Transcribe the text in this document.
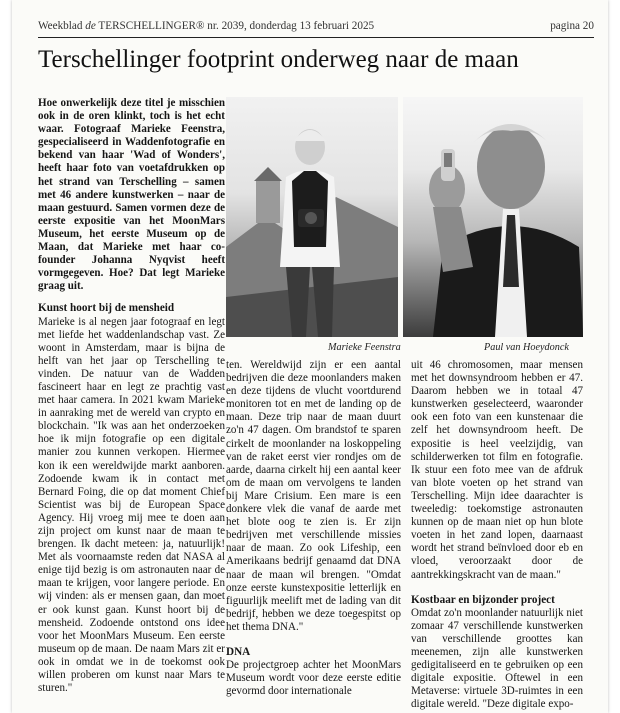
Weekblad de TERSCHELLINGER® nr. 2039, donderdag 13 februari 2025	pagina 20
Terschellinger footprint onderweg naar de maan

Hoe onwerkelijk deze titel je misschien ook in de oren klinkt, toch is het echt waar. Fotograaf Marieke Feenstra, gespecialiseerd in Waddenfotografie en bekend van haar 'Wad of Wonders', heeft haar foto van voetafdrukken op het strand van Terschelling – samen met 46 andere kunstwerken – naar de maan gestuurd. Samen vormen deze de eerste expositie van het MoonMars Museum, het eerste Museum op de Maan, dat Marieke met haar co-founder Johanna Nyqvist heeft vormgegeven. Hoe? Dat legt Marieke graag uit.

Kunst hoort bij de mensheid

Marieke is al negen jaar fotograaf en legt met liefde het waddenlandschap vast. Ze woont in Amsterdam, maar is bijna de helft van het jaar op Terschelling te vinden. De natuur van de Wadden fascineert haar en legt ze prachtig vast met haar camera. In 2021 kwam Marieke in aanraking met de wereld van crypto en blockchain. "Ik was aan het onderzoeken hoe ik mijn fotografie op een digitale manier zou kunnen verkopen. Hiermee kon ik een wereldwijde markt aanboren. Zodoende kwam ik in contact met Bernard Foing, die op dat moment Chief Scientist was bij de European Space Agency. Hij vroeg mij mee te doen aan zijn project om kunst naar de maan te brengen. Ik dacht meteen: ja, natuurlijk! Met als voornaamste reden dat NASA al enige tijd bezig is om astronauten naar de maan te krijgen, voor langere periode. En wij vinden: als er mensen gaan, dan moet er ook kunst gaan. Kunst hoort bij de mensheid. Zodoende ontstond ons idee voor het MoonMars Museum. Een eerste museum op de maan. De naam Mars zit er ook in omdat we in de toekomst ook willen proberen om kunst naar Mars te sturen."

Marieke Feenstra	Paul van Hoeydonck

ten. Wereldwijd zijn er een aantal bedrijven die deze moonlanders maken en deze tijdens de vlucht voortdurend monitoren tot en met de landing op de maan. Deze trip naar de maan duurt zo'n 47 dagen. Om brandstof te sparen cirkelt de moonlander na loskoppeling van de raket eerst vier rondjes om de aarde, daarna cirkelt hij een aantal keer om de maan om vervolgens te landen bij Mare Crisium. Een mare is een donkere vlek die vanaf de aarde met het blote oog te zien is. Er zijn bedrijven met verschillende missies naar de maan. Zo ook Lifeship, een Amerikaans bedrijf genaamd dat DNA naar de maan wil brengen. "Omdat onze eerste kunstexpositie letterlijk en figuurlijk meelift met de lading van dit bedrijf, hebben we deze toegespitst op het thema DNA."

DNA

De projectgroep achter het MoonMars Museum wordt voor deze eerste editie gevormd door internationale

uit 46 chromosomen, maar mensen met het downsyndroom hebben er 47. Daarom hebben we in totaal 47 kunstwerken geselecteerd, waaronder ook een foto van een kunstenaar die zelf het downsyndroom heeft. De expositie is heel veelzijdig, van schilderwerken tot film en fotografie. Ik stuur een foto mee van de afdruk van blote voeten op het strand van Terschelling. Mijn idee daarachter is tweeledig: toekomstige astronauten kunnen op de maan niet op hun blote voeten in het zand lopen, daarnaast wordt het strand beïnvloed door eb en vloed, veroorzaakt door de aantrekkingskracht van de maan."

Kostbaar en bijzonder project

Omdat zo'n moonlander natuurlijk niet zomaar 47 verschillende kunstwerken van verschillende groottes kan meenemen, zijn alle kunstwerken gedigitaliseerd en te gebruiken op een digitale expositie. Oftewel in een Metaverse: virtuele 3D-ruimtes in een digitale wereld. "Deze digitale expo-
